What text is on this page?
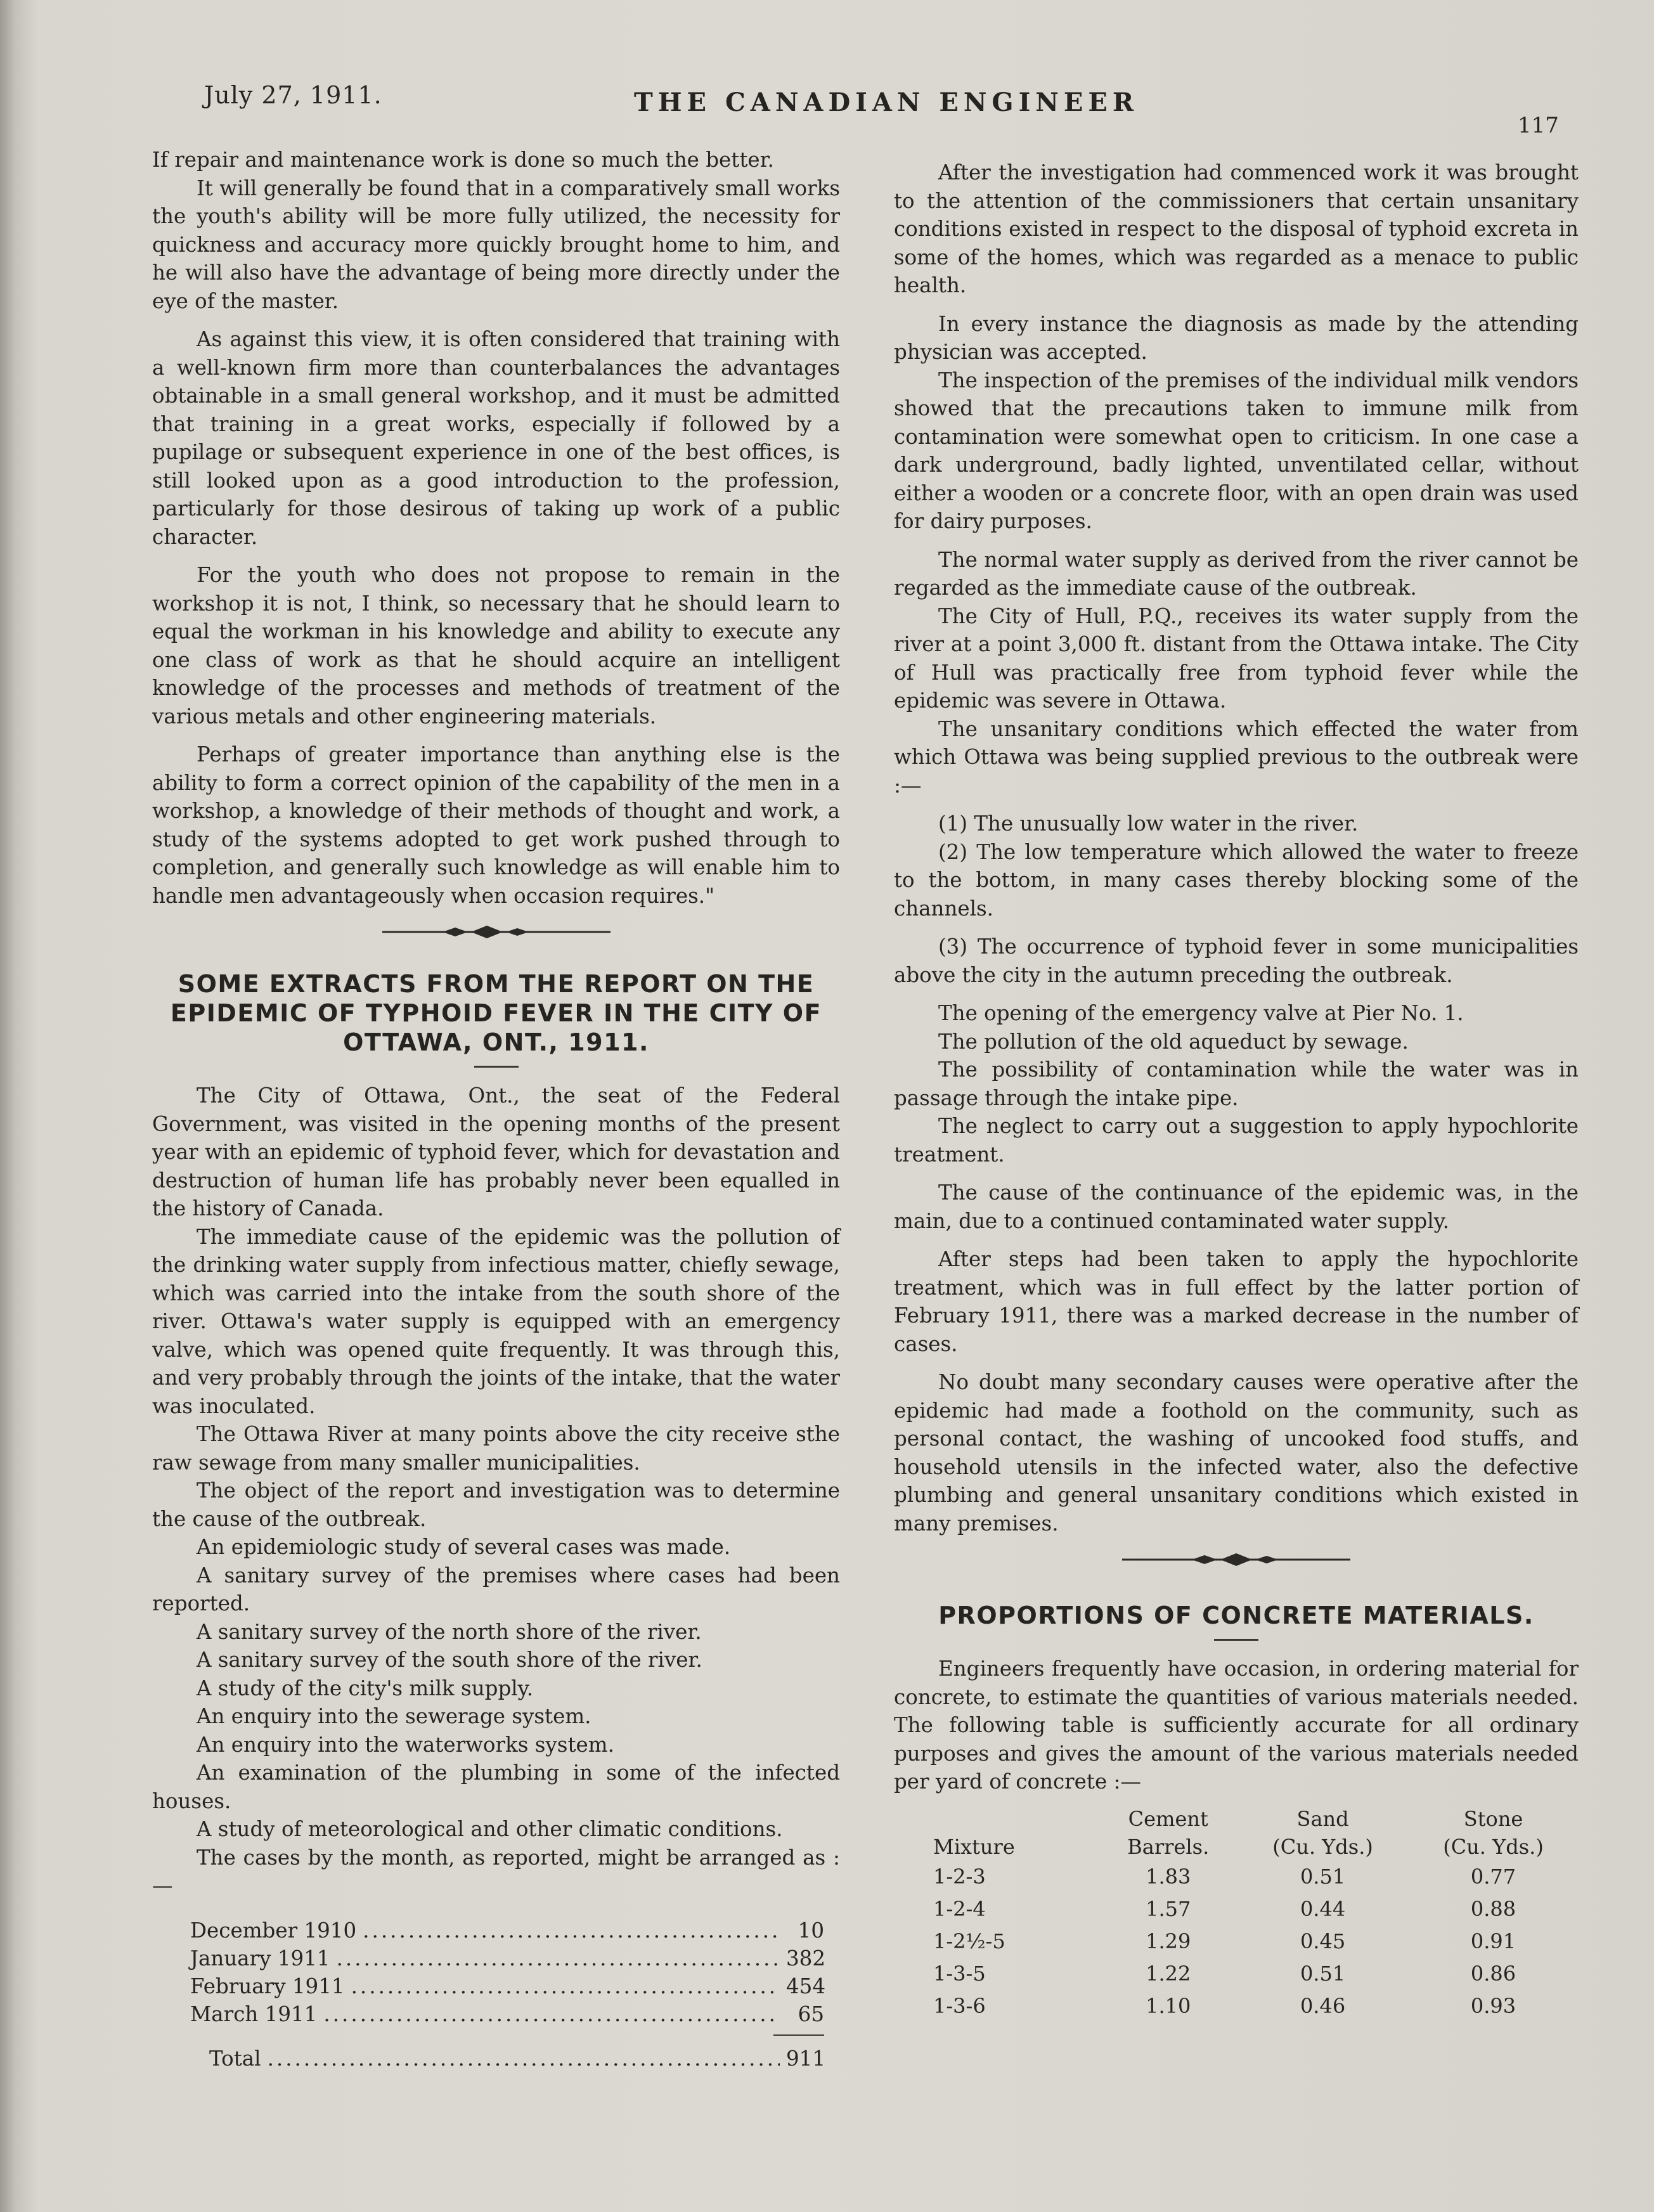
July 27, 1911.	THE CANADIAN ENGINEER
117

If repair and maintenance work is done so much the better.

It will generally be found that in a comparatively small works the youth's ability will be more fully utilized, the necessity for quickness and accuracy more quickly brought home to him, and he will also have the advantage of being more directly under the eye of the master.

As against this view, it is often considered that training with a well-known firm more than counterbalances the advantages obtainable in a small general workshop, and it must be admitted that training in a great works, especially if followed by a pupilage or subsequent experience in one of the best offices, is still looked upon as a good introduction to the profession, particularly for those desirous of taking up work of a public character.

For the youth who does not propose to remain in the workshop it is not, I think, so necessary that he should learn to equal the workman in his knowledge and ability to execute any one class of work as that he should acquire an intelligent knowledge of the processes and methods of treatment of the various metals and other engineering materials.

Perhaps of greater importance than anything else is the ability to form a correct opinion of the capability of the men in a workshop, a knowledge of their methods of thought and work, a study of the systems adopted to get work pushed through to completion, and generally such knowledge as will enable him to handle men advantageously when occasion requires."

SOME EXTRACTS FROM THE REPORT ON THE EPIDEMIC OF TYPHOID FEVER IN THE CITY OF OTTAWA, ONT., 1911.

The City of Ottawa, Ont., the seat of the Federal Government, was visited in the opening months of the present year with an epidemic of typhoid fever, which for devastation and destruction of human life has probably never been equalled in the history of Canada.

The immediate cause of the epidemic was the pollution of the drinking water supply from infectious matter, chiefly sewage, which was carried into the intake from the south shore of the river. Ottawa's water supply is equipped with an emergency valve, which was opened quite frequently. It was through this, and very probably through the joints of the intake, that the water was inoculated.

The Ottawa River at many points above the city receive sthe raw sewage from many smaller municipalities.

The object of the report and investigation was to determine the cause of the outbreak.

An epidemiologic study of several cases was made.

A sanitary survey of the premises where cases had been reported.

A sanitary survey of the north shore of the river.

A sanitary survey of the south shore of the river.

A study of the city's milk supply.

An enquiry into the sewerage system.

An enquiry into the waterworks system.

An examination of the plumbing in some of the infected houses.

A study of meteorological and other climatic conditions.

The cases by the month, as reported, might be arranged as :—

December 1910 .....	10
January 1911 .....	382
February 1911 .....	454
March 1911 .....	65
Total .....	911

After the investigation had commenced work it was brought to the attention of the commissioners that certain unsanitary conditions existed in respect to the disposal of typhoid excreta in some of the homes, which was regarded as a menace to public health.

In every instance the diagnosis as made by the attending physician was accepted.

The inspection of the premises of the individual milk vendors showed that the precautions taken to immune milk from contamination were somewhat open to criticism. In one case a dark underground, badly lighted, unventilated cellar, without either a wooden or a concrete floor, with an open drain was used for dairy purposes.

The normal water supply as derived from the river cannot be regarded as the immediate cause of the outbreak.

The City of Hull, P.Q., receives its water supply from the river at a point 3,000 ft. distant from the Ottawa intake. The City of Hull was practically free from typhoid fever while the epidemic was severe in Ottawa.

The unsanitary conditions which effected the water from which Ottawa was being supplied previous to the outbreak were :—

(1) The unusually low water in the river.

(2) The low temperature which allowed the water to freeze to the bottom, in many cases thereby blocking some of the channels.

(3) The occurrence of typhoid fever in some municipalities above the city in the autumn preceding the outbreak.

The opening of the emergency valve at Pier No. 1.

The pollution of the old aqueduct by sewage.

The possibility of contamination while the water was in passage through the intake pipe.

The neglect to carry out a suggestion to apply hypochlorite treatment.

The cause of the continuance of the epidemic was, in the main, due to a continued contaminated water supply.

After steps had been taken to apply the hypochlorite treatment, which was in full effect by the latter portion of February 1911, there was a marked decrease in the number of cases.

No doubt many secondary causes were operative after the epidemic had made a foothold on the community, such as personal contact, the washing of uncooked food stuffs, and household utensils in the infected water, also the defective plumbing and general unsanitary conditions which existed in many premises.

PROPORTIONS OF CONCRETE MATERIALS.

Engineers frequently have occasion, in ordering material for concrete, to estimate the quantities of various materials needed. The following table is sufficiently accurate for all ordinary purposes and gives the amount of the various materials needed per yard of concrete :—

	Cement	Sand	Stone
Mixture	Barrels.	(Cu. Yds.)	(Cu. Yds.)
1-2-3	1.83	0.51	0.77
1-2-4	1.57	0.44	0.88
1-2½-5	1.29	0.45	0.91
1-3-5	1.22	0.51	0.86
1-3-6	1.10	0.46	0.93
